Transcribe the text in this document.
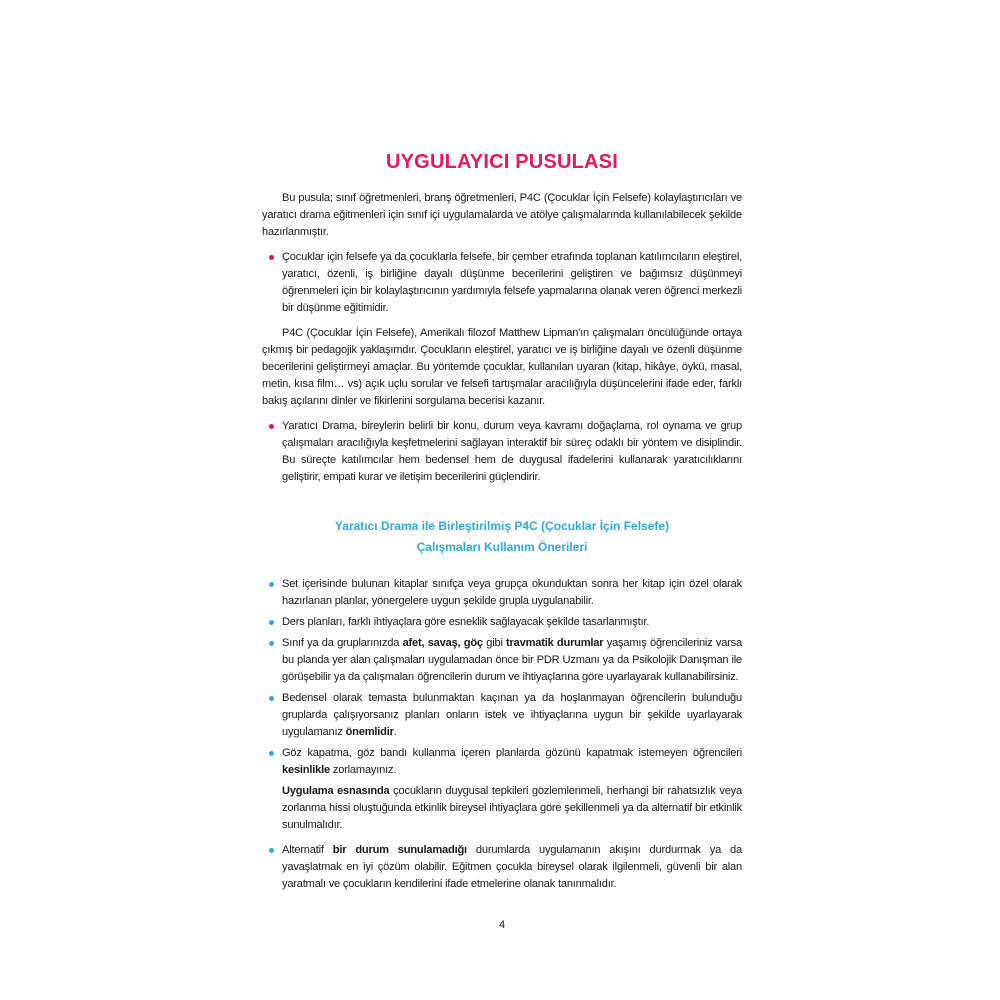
UYGULAYICI PUSULASI

Bu pusula; sınıf öğretmenleri, branş öğretmenleri, P4C (Çocuklar İçin Felsefe) kolaylaştırıcıları ve yaratıcı drama eğitmenleri için sınıf içi uygulamalarda ve atölye çalışmalarında kullanılabilecek şekilde hazırlanmıştır.

Çocuklar için felsefe ya da çocuklarla felsefe, bir çember etrafında toplanan katılımcıların eleştirel, yaratıcı, özenli, iş birliğine dayalı düşünme becerilerini geliştiren ve bağımsız düşünmeyi öğrenmeleri için bir kolaylaştırıcının yardımıyla felsefe yapmalarına olanak veren öğrenci merkezli bir düşünme eğitimidir.

P4C (Çocuklar İçin Felsefe), Amerikalı filozof Matthew Lipman'ın çalışmaları öncülüğünde ortaya çıkmış bir pedagojik yaklaşımdır. Çocukların eleştirel, yaratıcı ve iş birliğine dayalı ve özenli düşünme becerilerini geliştirmeyi amaçlar. Bu yöntemde çocuklar, kullanılan uyaran (kitap, hikâye, öykü, masal, metin, kısa film… vs) açık uçlu sorular ve felsefi tartışmalar aracılığıyla düşüncelerini ifade eder, farklı bakış açılarını dinler ve fikirlerini sorgulama becerisi kazanır.

Yaratıcı Drama, bireylerin belirli bir konu, durum veya kavramı doğaçlama, rol oynama ve grup çalışmaları aracılığıyla keşfetmelerini sağlayan interaktif bir süreç odaklı bir yöntem ve disiplindir. Bu süreçte katılımcılar hem bedensel hem de duygusal ifadelerini kullanarak yaratıcılıklarını geliştirir, empati kurar ve iletişim becerilerini güçlendirir.

Yaratıcı Drama ile Birleştirilmiş P4C (Çocuklar İçin Felsefe)
Çalışmaları Kullanım Önerileri

Set içerisinde bulunan kitaplar sınıfça veya grupça okunduktan sonra her kitap için özel olarak hazırlanan planlar, yönergelere uygun şekilde grupla uygulanabilir.

Ders planları, farklı ihtiyaçlara göre esneklik sağlayacak şekilde tasarlanmıştır.

Sınıf ya da gruplarınızda afet, savaş, göç gibi travmatik durumlar yaşamış öğrencileriniz varsa bu planda yer alan çalışmaları uygulamadan önce bir PDR Uzmanı ya da Psikolojik Danışman ile görüşebilir ya da çalışmaları öğrencilerin durum ve ihtiyaçlarına göre uyarlayarak kullanabilirsiniz.

Bedensel olarak temasta bulunmaktan kaçınan ya da hoşlanmayan öğrencilerin bulunduğu gruplarda çalışıyorsanız planları onların istek ve ihtiyaçlarına uygun bir şekilde uyarlayarak uygulamanız önemlidir.

Göz kapatma, göz bandı kullanma içeren planlarda gözünü kapatmak istemeyen öğrencileri kesinlikle zorlamayınız.

Uygulama esnasında çocukların duygusal tepkileri gözlemlenmeli, herhangi bir rahatsızlık veya zorlanma hissi oluştuğunda etkinlik bireysel ihtiyaçlara göre şekillenmeli ya da alternatif bir etkinlik sunulmalıdır.

Alternatif bir durum sunulamadığı durumlarda uygulamanın akışını durdurmak ya da yavaşlatmak en iyi çözüm olabilir. Eğitmen çocukla bireysel olarak ilgilenmeli, güvenli bir alan yaratmalı ve çocukların kendilerini ifade etmelerine olanak tanınmalıdır.

4
